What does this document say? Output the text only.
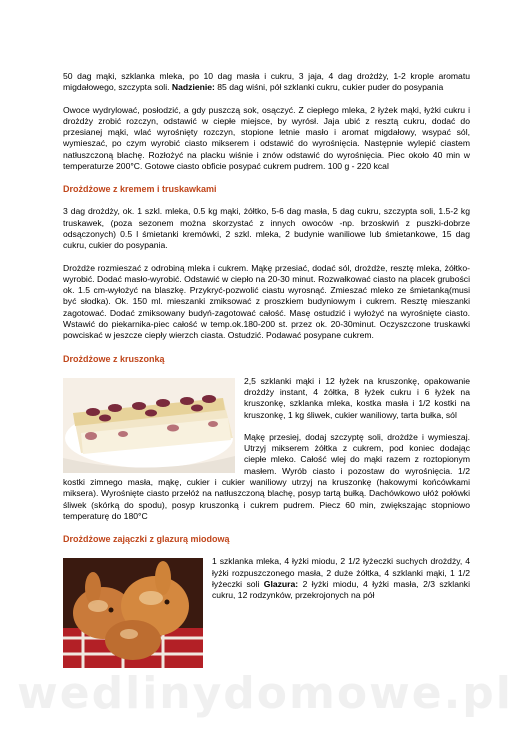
wedlinydomowe.pl

50 dag mąki, szklanka mleka, po 10 dag masła i cukru, 3 jaja, 4 dag drożdży, 1-2 krople aromatu migdałowego, szczypta soli. Nadzienie: 85 dag wiśni, pół szklanki cukru, cukier puder do posypania

Owoce wydrylować, posłodzić, a gdy puszczą sok, osączyć. Z ciepłego mleka, 2 łyżek mąki, łyżki cukru i drożdży zrobić rozczyn, odstawić w ciepłe miejsce, by wyrósł. Jaja ubić z resztą cukru, dodać do przesianej mąki, wlać wyrośnięty rozczyn, stopione letnie masło i aromat migdałowy, wsypać sól, wymieszać, po czym wyrobić ciasto mikserem i odstawić do wyrośnięcia. Następnie wylepić ciastem natłuszczoną blachę. Rozłożyć na placku wiśnie i znów odstawić do wyrośnięcia. Piec około 40 min w temperaturze 200°C. Gotowe ciasto obficie posypać cukrem pudrem. 100 g - 220 kcal

Drożdżowe z kremem i truskawkami

3 dag drożdży, ok. 1 szkl. mleka, 0.5 kg mąki, żółtko, 5-6 dag masła, 5 dag cukru, szczypta soli, 1.5-2 kg truskawek, (poza sezonem można skorzystać z innych owoców -np. brzoskwiń z puszki-dobrze odsączonych) 0.5 l śmietanki kremówki, 2 szkl. mleka, 2 budynie waniliowe lub śmietankowe, 15 dag cukru, cukier do posypania.

Drożdże rozmieszać z odrobiną mleka i cukrem. Mąkę przesiać, dodać sól, drożdże, resztę mleka, żółtko- wyrobić. Dodać masło-wyrobić. Odstawić w ciepło na 20-30 minut. Rozwałkować ciasto na placek grubości ok. 1.5 cm-wyłożyć na blaszkę. Przykryć-pozwolić ciastu wyrosnąć. Zmieszać mleko ze śmietanką(musi być słodka). Ok. 150 ml. mieszanki zmiksować z proszkiem budyniowym i cukrem. Resztę mieszanki zagotować. Dodać zmiksowany budyń-zagotować całość. Masę ostudzić i wyłożyć na wyrośnięte ciasto. Wstawić do piekarnika-piec całość w temp.ok.180-200 st. przez ok. 20-30minut. Oczyszczone truskawki powciskać w jeszcze ciepły wierzch ciasta. Ostudzić. Podawać posypane cukrem.

Drożdżowe z kruszonką

2,5 szklanki mąki i 12 łyżek na kruszonkę, opakowanie drożdży instant, 4 żółtka, 8 łyżek cukru i 6 łyżek na kruszonkę, szklanka mleka, kostka masła i 1/2 kostki na kruszonkę, 1 kg śliwek, cukier waniliowy, tarta bułka, sól

Mąkę przesiej, dodaj szczyptę soli, drożdże i wymieszaj. Utrzyj mikserem żółtka z cukrem, pod koniec dodając ciepłe mleko. Całość wlej do mąki razem z roztopionym masłem. Wyrób ciasto i pozostaw do wyrośnięcia. 1/2 kostki zimnego masła, mąkę, cukier i cukier waniliowy utrzyj na kruszonkę (hakowymi końcówkami miksera). Wyrośnięte ciasto przełóż na natłuszczoną blachę, posyp tartą bułką. Dachówkowo ułóż połówki śliwek (skórką do spodu), posyp kruszonką i cukrem pudrem. Piecz 60 min, zwiększając stopniowo temperaturę do 180°C

Drożdżowe zajączki z glazurą miodową

1 szklanka mleka, 4 łyżki miodu, 2 1/2 łyżeczki suchych drożdży, 4 łyżki rozpuszczonego masła, 2 duże żółtka, 4 szklanki mąki, 1 1/2 łyżeczki soli Glazura: 2 łyżki miodu, 4 łyżki masła, 2/3 szklanki cukru, 12 rodzynków, przekrojonych na pół
